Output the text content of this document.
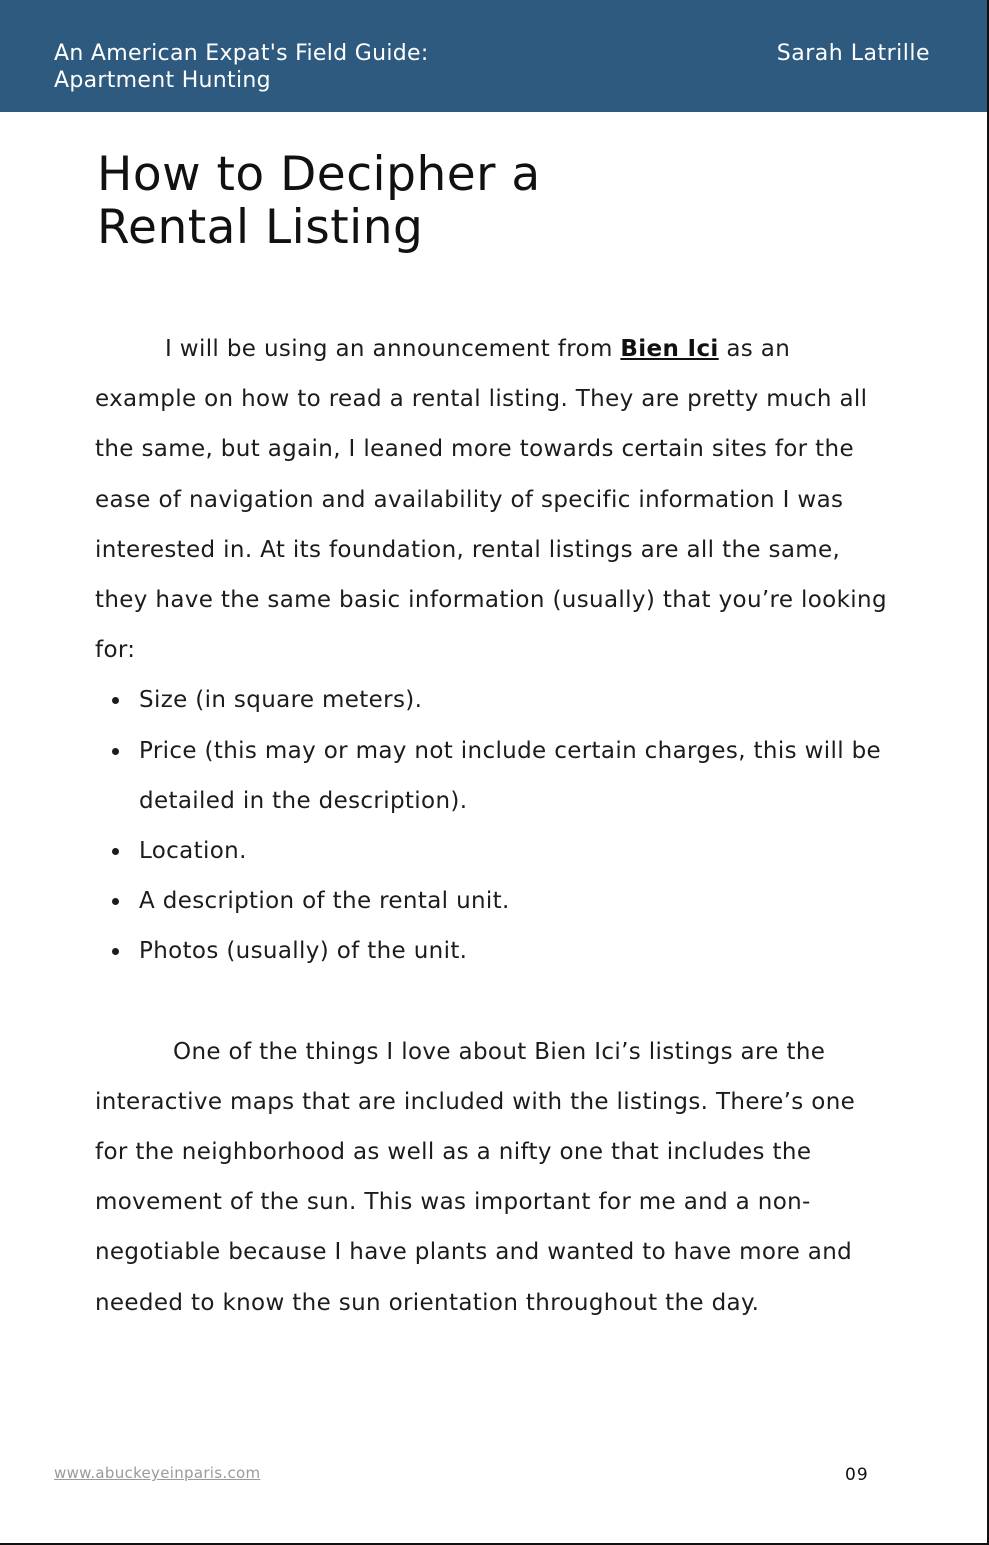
An American Expat's Field Guide:
Apartment Hunting
Sarah Latrille
How to Decipher a
Rental Listing

I will be using an announcement from Bien Ici as an example on how to read a rental listing. They are pretty much all the same, but again, I leaned more towards certain sites for the ease of navigation and availability of specific information I was interested in. At its foundation, rental listings are all the same, they have the same basic information (usually) that you’re looking for:

Size (in square meters).
Price (this may or may not include certain charges, this will be detailed in the description).
Location.
A description of the rental unit.
Photos (usually) of the unit.

One of the things I love about Bien Ici’s listings are the interactive maps that are included with the listings. There’s one for the neighborhood as well as a nifty one that includes the movement of the sun. This was important for me and a non-negotiable because I have plants and wanted to have more and needed to know the sun orientation throughout the day.

www.abuckeyeinparis.com	09
